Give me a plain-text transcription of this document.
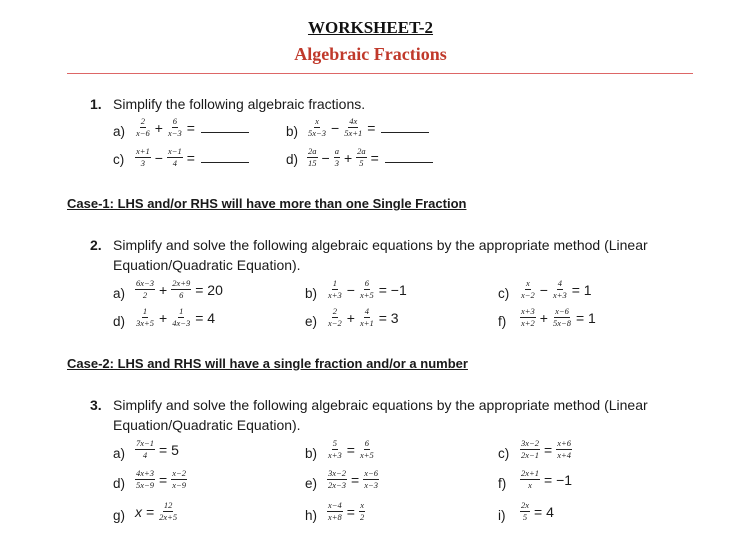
WORKSHEET-2
Algebraic Fractions
1. Simplify the following algebraic fractions.
$a) \frac{2}{x-6} + \frac{6}{x-3}$ =	$b) \frac{x}{5x-3} - \frac{4x}{5x+1}$ =
$c) \frac{x+1}{3} - \frac{x-1}{4}$ =	$d) \frac{2a}{15} - \frac{a}{3} + \frac{2a}{5}$ =
Case-1: LHS and/or RHS will have more than one Single Fraction
2. Simplify and solve the following algebraic equations by the appropriate method (Linear
Equation/Quadratic Equation).
$a) \frac{6x-3}{2} + \frac{2x+9}{6} = 20$	$b) \frac{1}{x+3} - \frac{6}{x+5} = -1$	$c) \frac{x}{x-2} - \frac{4}{x+3} = 1$
$d) \frac{1}{3x+5} + \frac{1}{4x-3} = 4$	$e) \frac{2}{x-2} + \frac{4}{x+1} = 3$	$f) \frac{x+3}{x+2} + \frac{x-6}{5x-8} = 1$
Case-2: LHS and RHS will have a single fraction and/or a number
3. Simplify and solve the following algebraic equations by the appropriate method (Linear
Equation/Quadratic Equation).
$a) \frac{7x-1}{4} = 5$	$b) \frac{5}{x+3} = \frac{6}{x+5}$	$c) \frac{3x-2}{2x-1} = \frac{x+6}{x+4}$
$d) \frac{4x+3}{5x-9} = \frac{x-2}{x-9}$	$e) \frac{3x-2}{2x-3} = \frac{x-6}{x-3}$	$f) \frac{2x+1}{x} = -1$
g) $x = \frac{12}{2x+5}$	$h) \frac{x-4}{x+8} = \frac{x}{2}$	$i) \frac{2x}{5} = 4$
